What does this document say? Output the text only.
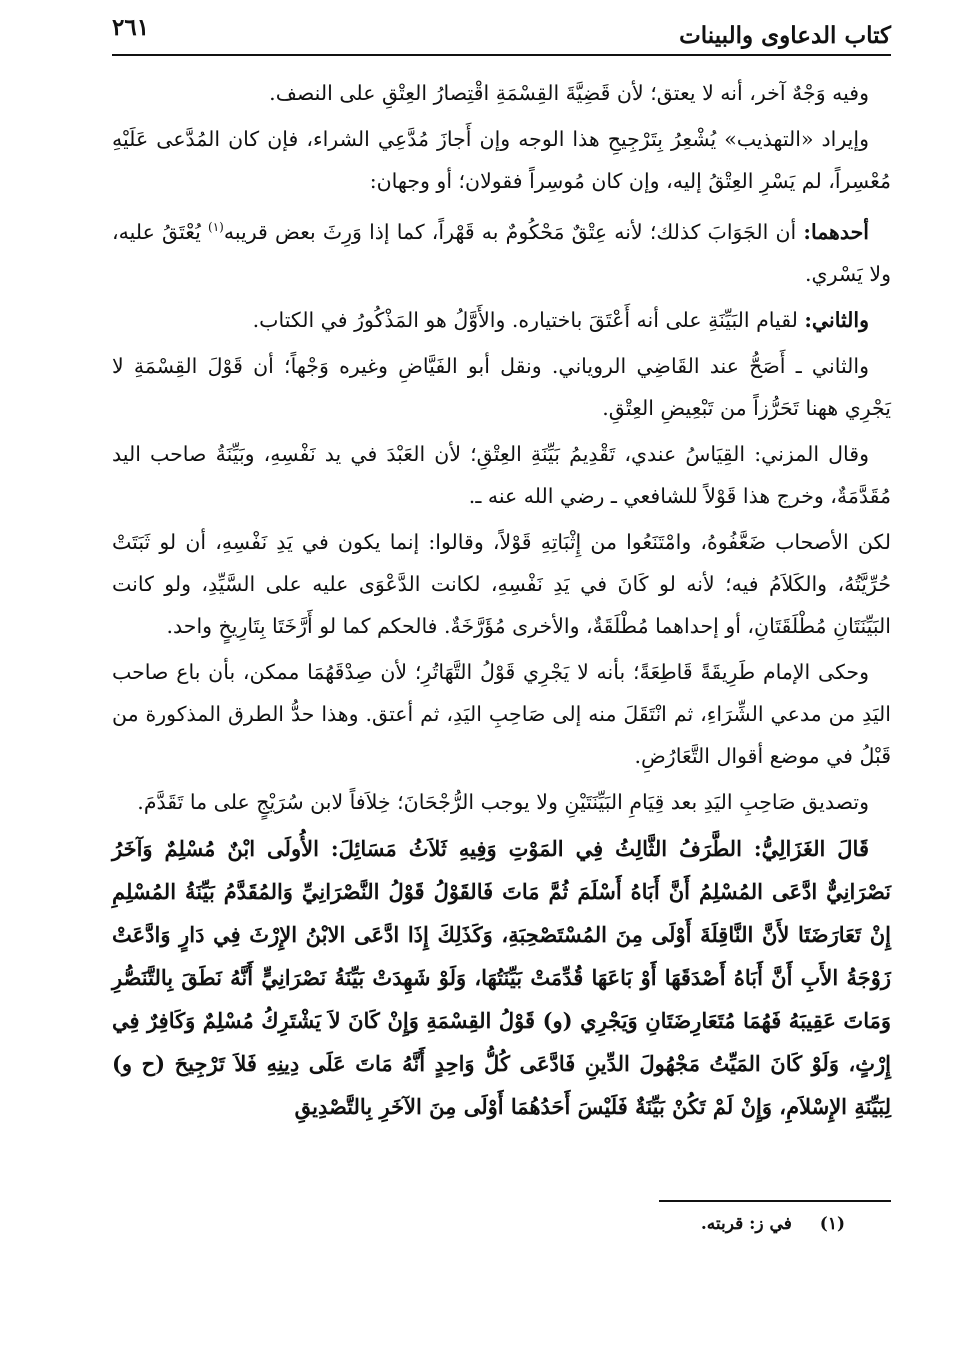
كتاب الدعاوى والبينات
٢٦١

وفيه وَجْهٌ آخر، أنه لا يعتق؛ لأن قَضِيَّةَ القِسْمَةِ اقْتِصارُ العِتْقِ على النصف.

وإيراد «التهذيب» يُشْعِرُ بِتَرْجِيحِ هذا الوجه وإن أَجازَ مُدَّعِي الشراء، فإن كان المُدَّعى عَلَيْهِ مُعْسِراً، لم يَسْرِ العِتْقُ إليه، وإن كان مُوسِراً فقولان؛ أو وجهان:

أحدهما: أن الجَوَابَ كذلك؛ لأنه عِتْقٌ مَحْكُومٌ به قَهْراً، كما إذا وَرِثَ بعض قريبه$^{(١)}$ يُعْتَقُ عليه، ولا يَسْري.

والثاني: لقيام البَيِّنَةِ على أنه أَعْتَقَ باختياره. والأَوَّلُ هو المَذْكُورُ في الكتاب.

والثاني ـ أَصَحُّ عند القَاضِي الروياني. ونقل أبو الفَيَّاضِ وغيره وَجْهاً؛ أن قَوْلَ القِسْمَةِ لا يَجْرِي ههنا تَحَرُّزاً من تَبْعِيضِ العِتْقِ.

وقال المزني: القِيَاسُ عندي، تَقْدِيمُ بَيِّنَةِ العِتْقِ؛ لأن العَبْدَ في يد نَفْسِهِ، وبَيِّنَةُ صاحب اليد مُقَدَّمَةٌ، وخرج هذا قَوْلاً للشافعي ـ رضي الله عنه ـ.

لكن الأصحاب ضَعَّفُوهُ، وامْتَنَعُوا من إِثْبَاتِهِ قَوْلاً، وقالوا: إنما يكون في يَدِ نَفْسِهِ، أن لو ثَبَتَتْ حُرِّيَّتُهُ، والكَلاَمُ فيه؛ لأنه لو كَانَ في يَدِ نَفْسِهِ، لكانت الدَّعْوَى عليه على السَّيِّدِ، ولو كانت البَيِّنَتَانِ مُطْلَقَتَانِ، أو إحداهما مُطْلَقَةٌ، والأخرى مُؤَرَّخَةٌ. فالحكم كما لو أَرَّخَتَا بِتَارِيخٍ واحد.

وحكى الإمام طَرِيقَةً قَاطِعَةً؛ بأنه لا يَجْرِي قَوْلُ التَّهَاتُرِ؛ لأن صِدْقَهُمَا ممكن، بأن باع صاحب اليَدِ من مدعي الشِّرَاءِ، ثم انْتَقَلَ منه إلى صَاحِبِ اليَدِ، ثم أعتق. وهذا حدُّ الطرق المذكورة من قَبْلُ في موضع أقوال التَّعَارُضِ.

وتصديق صَاحِبِ اليَدِ بعد قِيَامِ البَيِّنَتَيْنِ ولا يوجب الرُّجْحَانَ؛ خِلاَفاً لابن سُرَيْجٍ على ما تَقَدَّمَ.

قَالَ الغَزَالِيُّ: الطَّرَفُ الثَّالِثُ فِي المَوْتِ وَفِيهِ ثَلاَثُ مَسَائِلَ: الأُولَى ابْنٌ مُسْلِمٌ وَآخَرُ نَصْرَانِيٌّ ادَّعَى المُسْلِمُ أَنَّ أَبَاهُ أَسْلَمَ ثُمَّ مَاتَ فَالقَوْلُ قَوْلُ النَّصْرَانِيِّ وَالمُقَدَّمُ بَيِّنَةُ المُسْلِمِ إِنْ تَعَارَضَتَا لأَنَّ النَّاقِلَةَ أَوْلَى مِنَ المُسْتَصْحِبَةِ، وَكَذَلِكَ إِذَا ادَّعَى الابْنُ الإِرْثَ فِي دَارٍ وَادَّعَتْ زَوْجَةُ الأَبِ أَنَّ أَبَاهُ أَصْدَقَهَا أَوْ بَاعَهَا قُدِّمَتْ بَيِّنَتُهَا، وَلَوْ شَهِدَتْ بَيِّنَةُ نَصْرَانِيٍّ أَنَّهُ نَطَقَ بِالتَّنَصُّرِ وَمَاتَ عَقِيبَهُ فَهُمَا مُتَعَارِضَتَانِ وَيَجْرِي (و) قَوْلُ القِسْمَةِ وَإِنْ كَانَ لاَ يَشْتَرِكُ مُسْلِمٌ وَكَافِرٌ فِي إِرْثٍ، وَلَوْ كَانَ المَيِّتُ مَجْهُولَ الدِّينِ فَادَّعَى كُلُّ وَاحِدٍ أَنَّهُ مَاتَ عَلَى دِينِهِ فَلاَ تَرْجِيحَ (ح و) لِبَيِّنَةِ الإِسْلاَمِ، وَإِنْ لَمْ تَكُنْ بَيِّنَةٌ فَلَيْسَ أَحَدُهُمَا أَوْلَى مِنَ الآخَرِ بِالتَّصْدِيقِ

(١) في ز: قربته.
